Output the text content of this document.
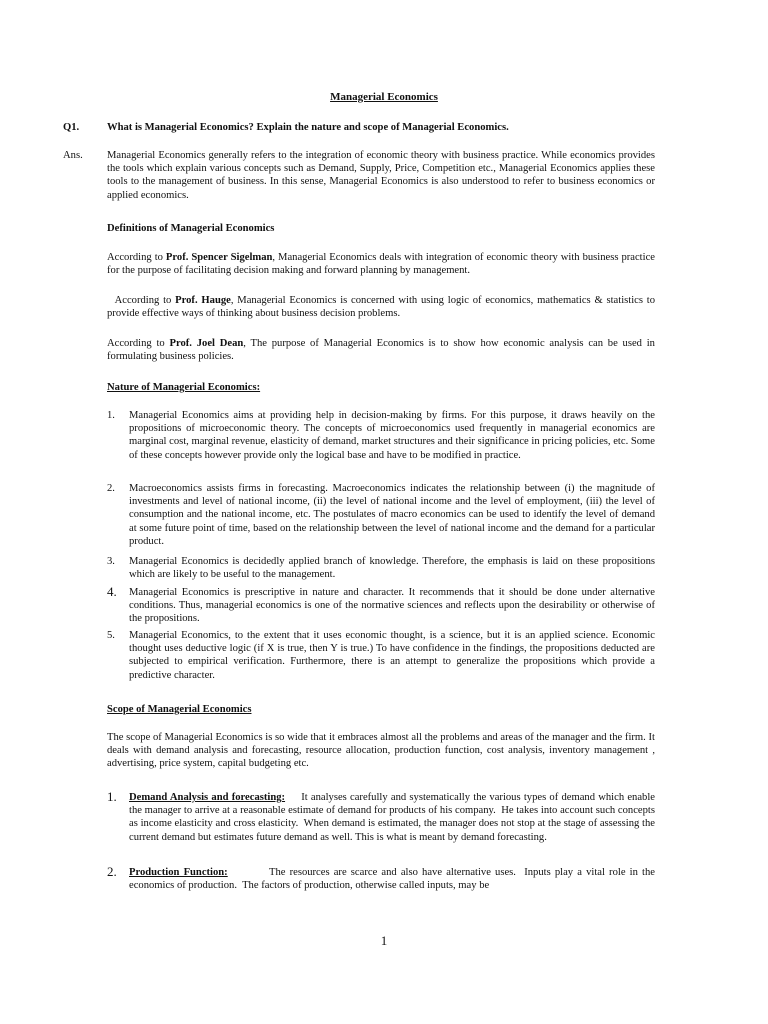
Managerial Economics
Q1.	What is Managerial Economics? Explain the nature and scope of Managerial Economics.
Ans. Managerial Economics generally refers to the integration of economic theory with business practice. While economics provides the tools which explain various concepts such as Demand, Supply, Price, Competition etc., Managerial Economics applies these tools to the management of business. In this sense, Managerial Economics is also understood to refer to business economics or applied economics.
Definitions of Managerial Economics
According to Prof. Spencer Sigelman, Managerial Economics deals with integration of economic theory with business practice for the purpose of facilitating decision making and forward planning by management.
According to Prof. Hauge, Managerial Economics is concerned with using logic of economics, mathematics & statistics to provide effective ways of thinking about business decision problems.
According to Prof. Joel Dean, The purpose of Managerial Economics is to show how economic analysis can be used in formulating business policies.
Nature of Managerial Economics:
1. Managerial Economics aims at providing help in decision-making by firms. For this purpose, it draws heavily on the propositions of microeconomic theory. The concepts of microeconomics used frequently in managerial economics are marginal cost, marginal revenue, elasticity of demand, market structures and their significance in pricing policies, etc. Some of these concepts however provide only the logical base and have to be modified in practice.
2. Macroeconomics assists firms in forecasting. Macroeconomics indicates the relationship between (i) the magnitude of investments and level of national income, (ii) the level of national income and the level of employment, (iii) the level of consumption and the national income, etc. The postulates of macro economics can be used to identify the level of demand at some future point of time, based on the relationship between the level of national income and the demand for a particular product.
3. Managerial Economics is decidedly applied branch of knowledge. Therefore, the emphasis is laid on these propositions which are likely to be useful to the management.
4. Managerial Economics is prescriptive in nature and character. It recommends that it should be done under alternative conditions. Thus, managerial economics is one of the normative sciences and reflects upon the desirability or otherwise of the propositions.
5. Managerial Economics, to the extent that it uses economic thought, is a science, but it is an applied science. Economic thought uses deductive logic (if X is true, then Y is true.) To have confidence in the findings, the propositions deducted are subjected to empirical verification. Furthermore, there is an attempt to generalize the propositions which provide a predictive character.
Scope of Managerial Economics
The scope of Managerial Economics is so wide that it embraces almost all the problems and areas of the manager and the firm. It deals with demand analysis and forecasting, resource allocation, production function, cost analysis, inventory management , advertising, price system, capital budgeting etc.
1. Demand Analysis and forecasting:     It analyses carefully and systematically the various types of demand which enable the manager to arrive at a reasonable estimate of demand for products of his company.  He takes into account such concepts as income elasticity and cross elasticity.  When demand is estimated, the manager does not stop at the stage of assessing the current demand but estimates future demand as well. This is what is meant by demand forecasting.
2. Production Function:          The resources are scarce and also have alternative uses.  Inputs play a vital role in the economics of production.  The factors of production, otherwise called inputs, may be
1
